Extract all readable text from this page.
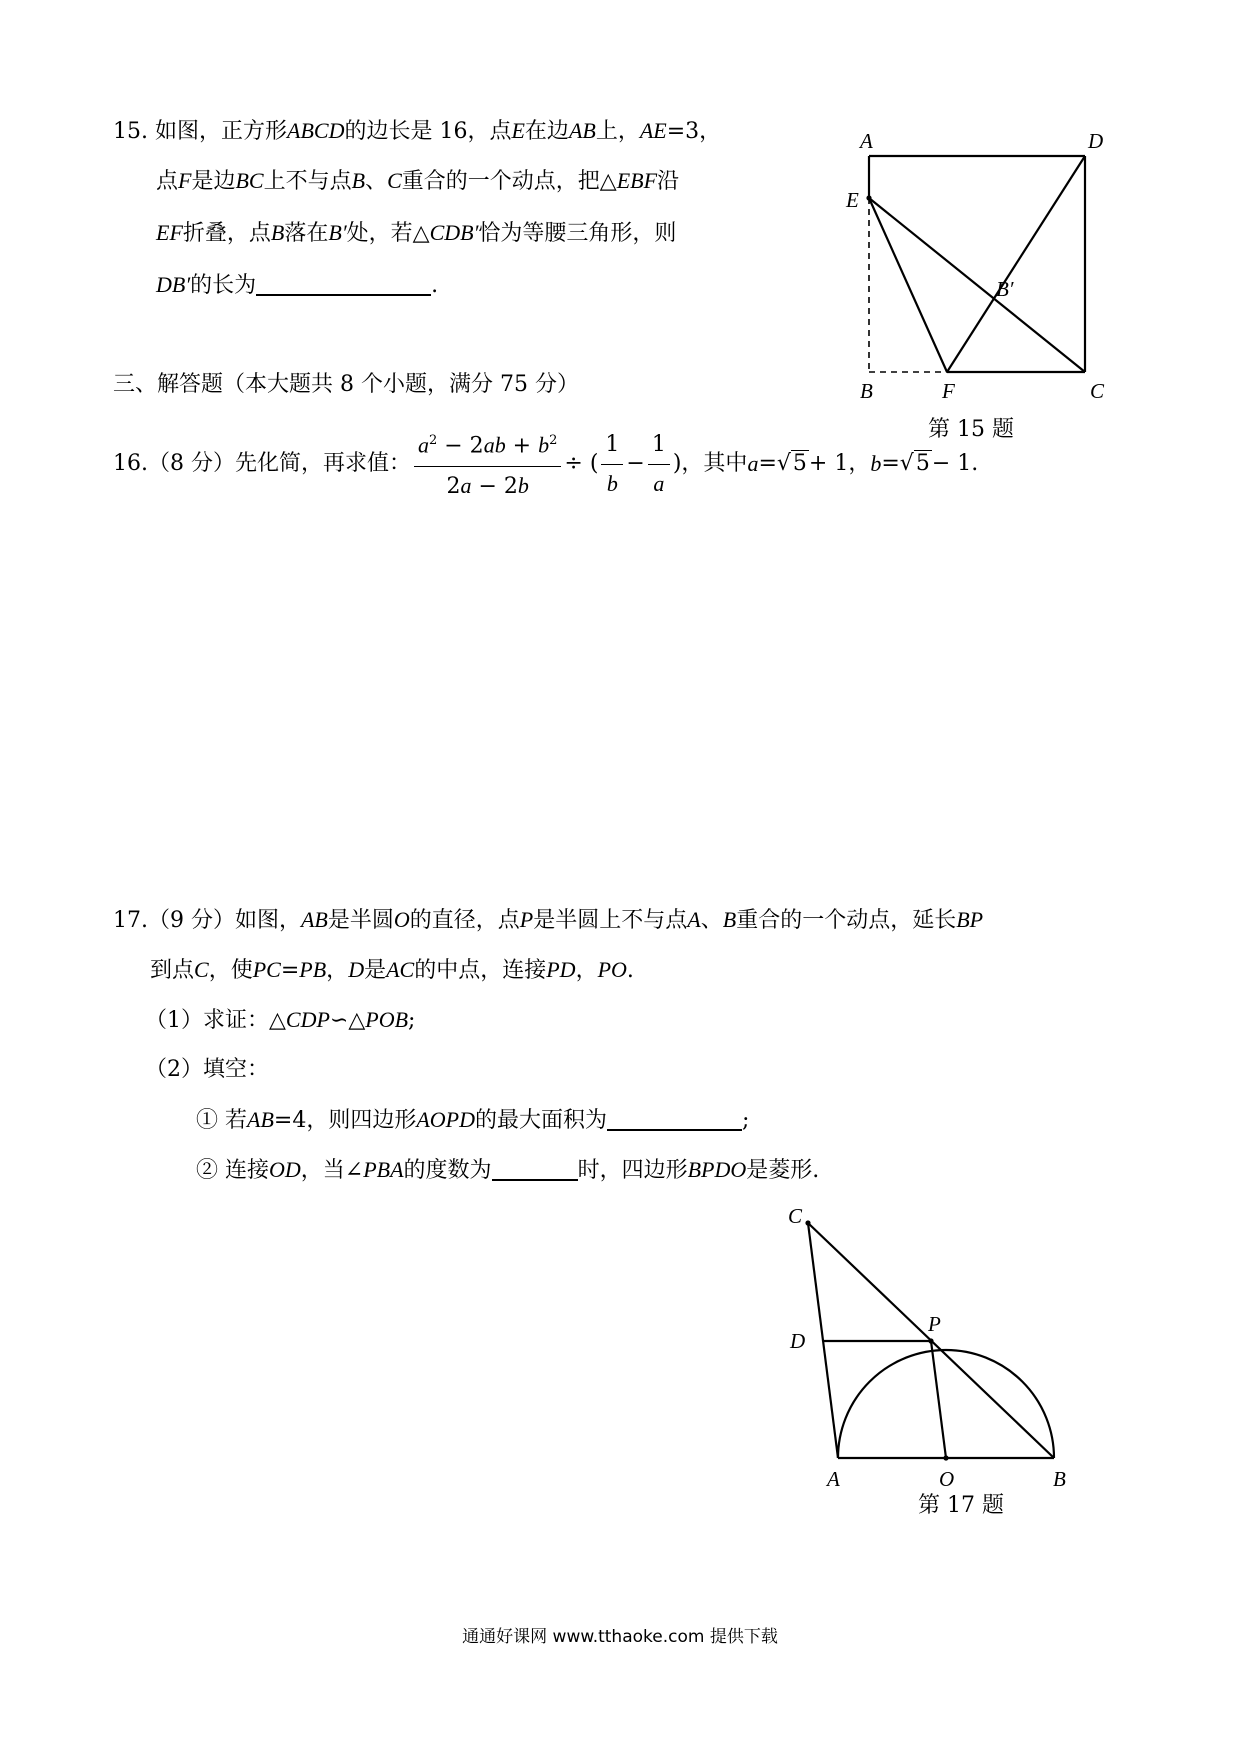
15. 如图，正方形ABCD的边长是 16，点E在边AB上，AE=3，
点F是边BC上不与点B、C重合的一个动点，把△EBF沿
EF折叠，点B落在B′处，若△CDB′恰为等腰三角形，则
DB′的长为	.
A	D
E
B′
B	F	C
第 15 题
三、解答题（本大题共 8 个小题，满分 75 分）
16.（8 分）先化简，再求值： $\frac{a^2 - 2ab + b^2}{2a - 2b}$ ÷ ( $\frac{1}{b} - \frac{1}{a}$ )，其中 a = √5 + 1， b = √5 − 1.
17.（9 分）如图，AB是半圆O的直径，点P是半圆上不与点A、B重合的一个动点，延长BP
到点C，使PC=PB，D是AC的中点，连接PD，PO.
（1）求证：△CDP∽△POB;
（2）填空：
① 若AB=4，则四边形AOPD的最大面积为	;
② 连接OD，当∠PBA的度数为	时，四边形BPDO是菱形.
C
P
D
A	O	B
第 17 题
通通好课网 www.tthaoke.com 提供下载
